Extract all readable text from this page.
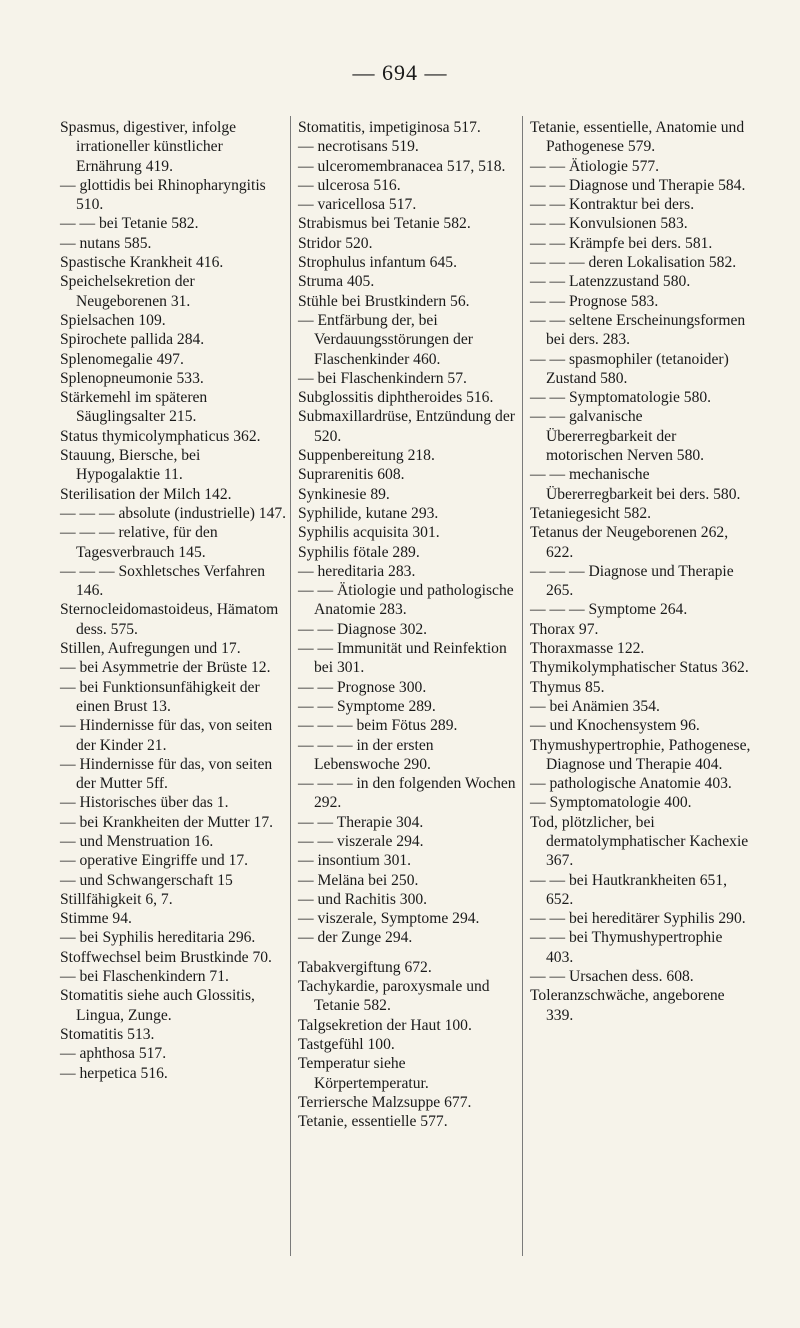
— 694 —

Spasmus, digestiver, infolge irrationeller künstlicher Ernährung 419.

— glottidis bei Rhinopharyngitis 510.

— — bei Tetanie 582.

— nutans 585.

Spastische Krankheit 416.

Speichelsekretion der Neugeborenen 31.

Spielsachen 109.

Spirochete pallida 284.

Splenomegalie 497.

Splenopneumonie 533.

Stärkemehl im späteren Säuglingsalter 215.

Status thymicolymphaticus 362.

Stauung, Biersche, bei Hypogalaktie 11.

Sterilisation der Milch 142.

— — — absolute (industrielle) 147.

— — — relative, für den Tagesverbrauch 145.

— — — Soxhletsches Verfahren 146.

Sternocleidomastoideus, Hämatom dess. 575.

Stillen, Aufregungen und 17.

— bei Asymmetrie der Brüste 12.

— bei Funktionsunfähigkeit der einen Brust 13.

— Hindernisse für das, von seiten der Kinder 21.

— Hindernisse für das, von seiten der Mutter 5ff.

— Historisches über das 1.

— bei Krankheiten der Mutter 17.

— und Menstruation 16.

— operative Eingriffe und 17.

— und Schwangerschaft 15

Stillfähigkeit 6, 7.

Stimme 94.

— bei Syphilis hereditaria 296.

Stoffwechsel beim Brustkinde 70.

— bei Flaschenkindern 71.

Stomatitis siehe auch Glossitis, Lingua, Zunge.

Stomatitis 513.

— aphthosa 517.

— herpetica 516.

Stomatitis, impetiginosa 517.

— necrotisans 519.

— ulceromembranacea 517, 518.

— ulcerosa 516.

— varicellosa 517.

Strabismus bei Tetanie 582.

Stridor 520.

Strophulus infantum 645.

Struma 405.

Stühle bei Brustkindern 56.

— Entfärbung der, bei Verdauungsstörungen der Flaschenkinder 460.

— bei Flaschenkindern 57.

Subglossitis diphtheroides 516.

Submaxillardrüse, Entzündung der 520.

Suppenbereitung 218.

Suprarenitis 608.

Synkinesie 89.

Syphilide, kutane 293.

Syphilis acquisita 301.

Syphilis fötale 289.

— hereditaria 283.

— — Ätiologie und pathologische Anatomie 283.

— — Diagnose 302.

— — Immunität und Reinfektion bei 301.

— — Prognose 300.

— — Symptome 289.

— — — beim Fötus 289.

— — — in der ersten Lebenswoche 290.

— — — in den folgenden Wochen 292.

— — Therapie 304.

— — viszerale 294.

— insontium 301.

— Meläna bei 250.

— und Rachitis 300.

— viszerale, Symptome 294.

— der Zunge 294.

Tabakvergiftung 672.

Tachykardie, paroxysmale und Tetanie 582.

Talgsekretion der Haut 100.

Tastgefühl 100.

Temperatur siehe Körpertemperatur.

Terriersche Malzsuppe 677.

Tetanie, essentielle 577.

Tetanie, essentielle, Anatomie und Pathogenese 579.

— — Ätiologie 577.

— — Diagnose und Therapie 584.

— — Kontraktur bei ders.

— — Konvulsionen 583.

— — Krämpfe bei ders. 581.

— — — deren Lokalisation 582.

— — Latenzzustand 580.

— — Prognose 583.

— — seltene Erscheinungsformen bei ders. 283.

— — spasmophiler (tetanoider) Zustand 580.

— — Symptomatologie 580.

— — galvanische Übererregbarkeit der motorischen Nerven 580.

— — mechanische Übererregbarkeit bei ders. 580.

Tetaniegesicht 582.

Tetanus der Neugeborenen 262, 622.

— — — Diagnose und Therapie 265.

— — — Symptome 264.

Thorax 97.

Thoraxmasse 122.

Thymikolymphatischer Status 362.

Thymus 85.

— bei Anämien 354.

— und Knochensystem 96.

Thymushypertrophie, Pathogenese, Diagnose und Therapie 404.

— pathologische Anatomie 403.

— Symptomatologie 400.

Tod, plötzlicher, bei dermatolymphatischer Kachexie 367.

— — bei Hautkrankheiten 651, 652.

— — bei hereditärer Syphilis 290.

— — bei Thymushypertrophie 403.

— — Ursachen dess. 608.

Toleranzschwäche, angeborene 339.
